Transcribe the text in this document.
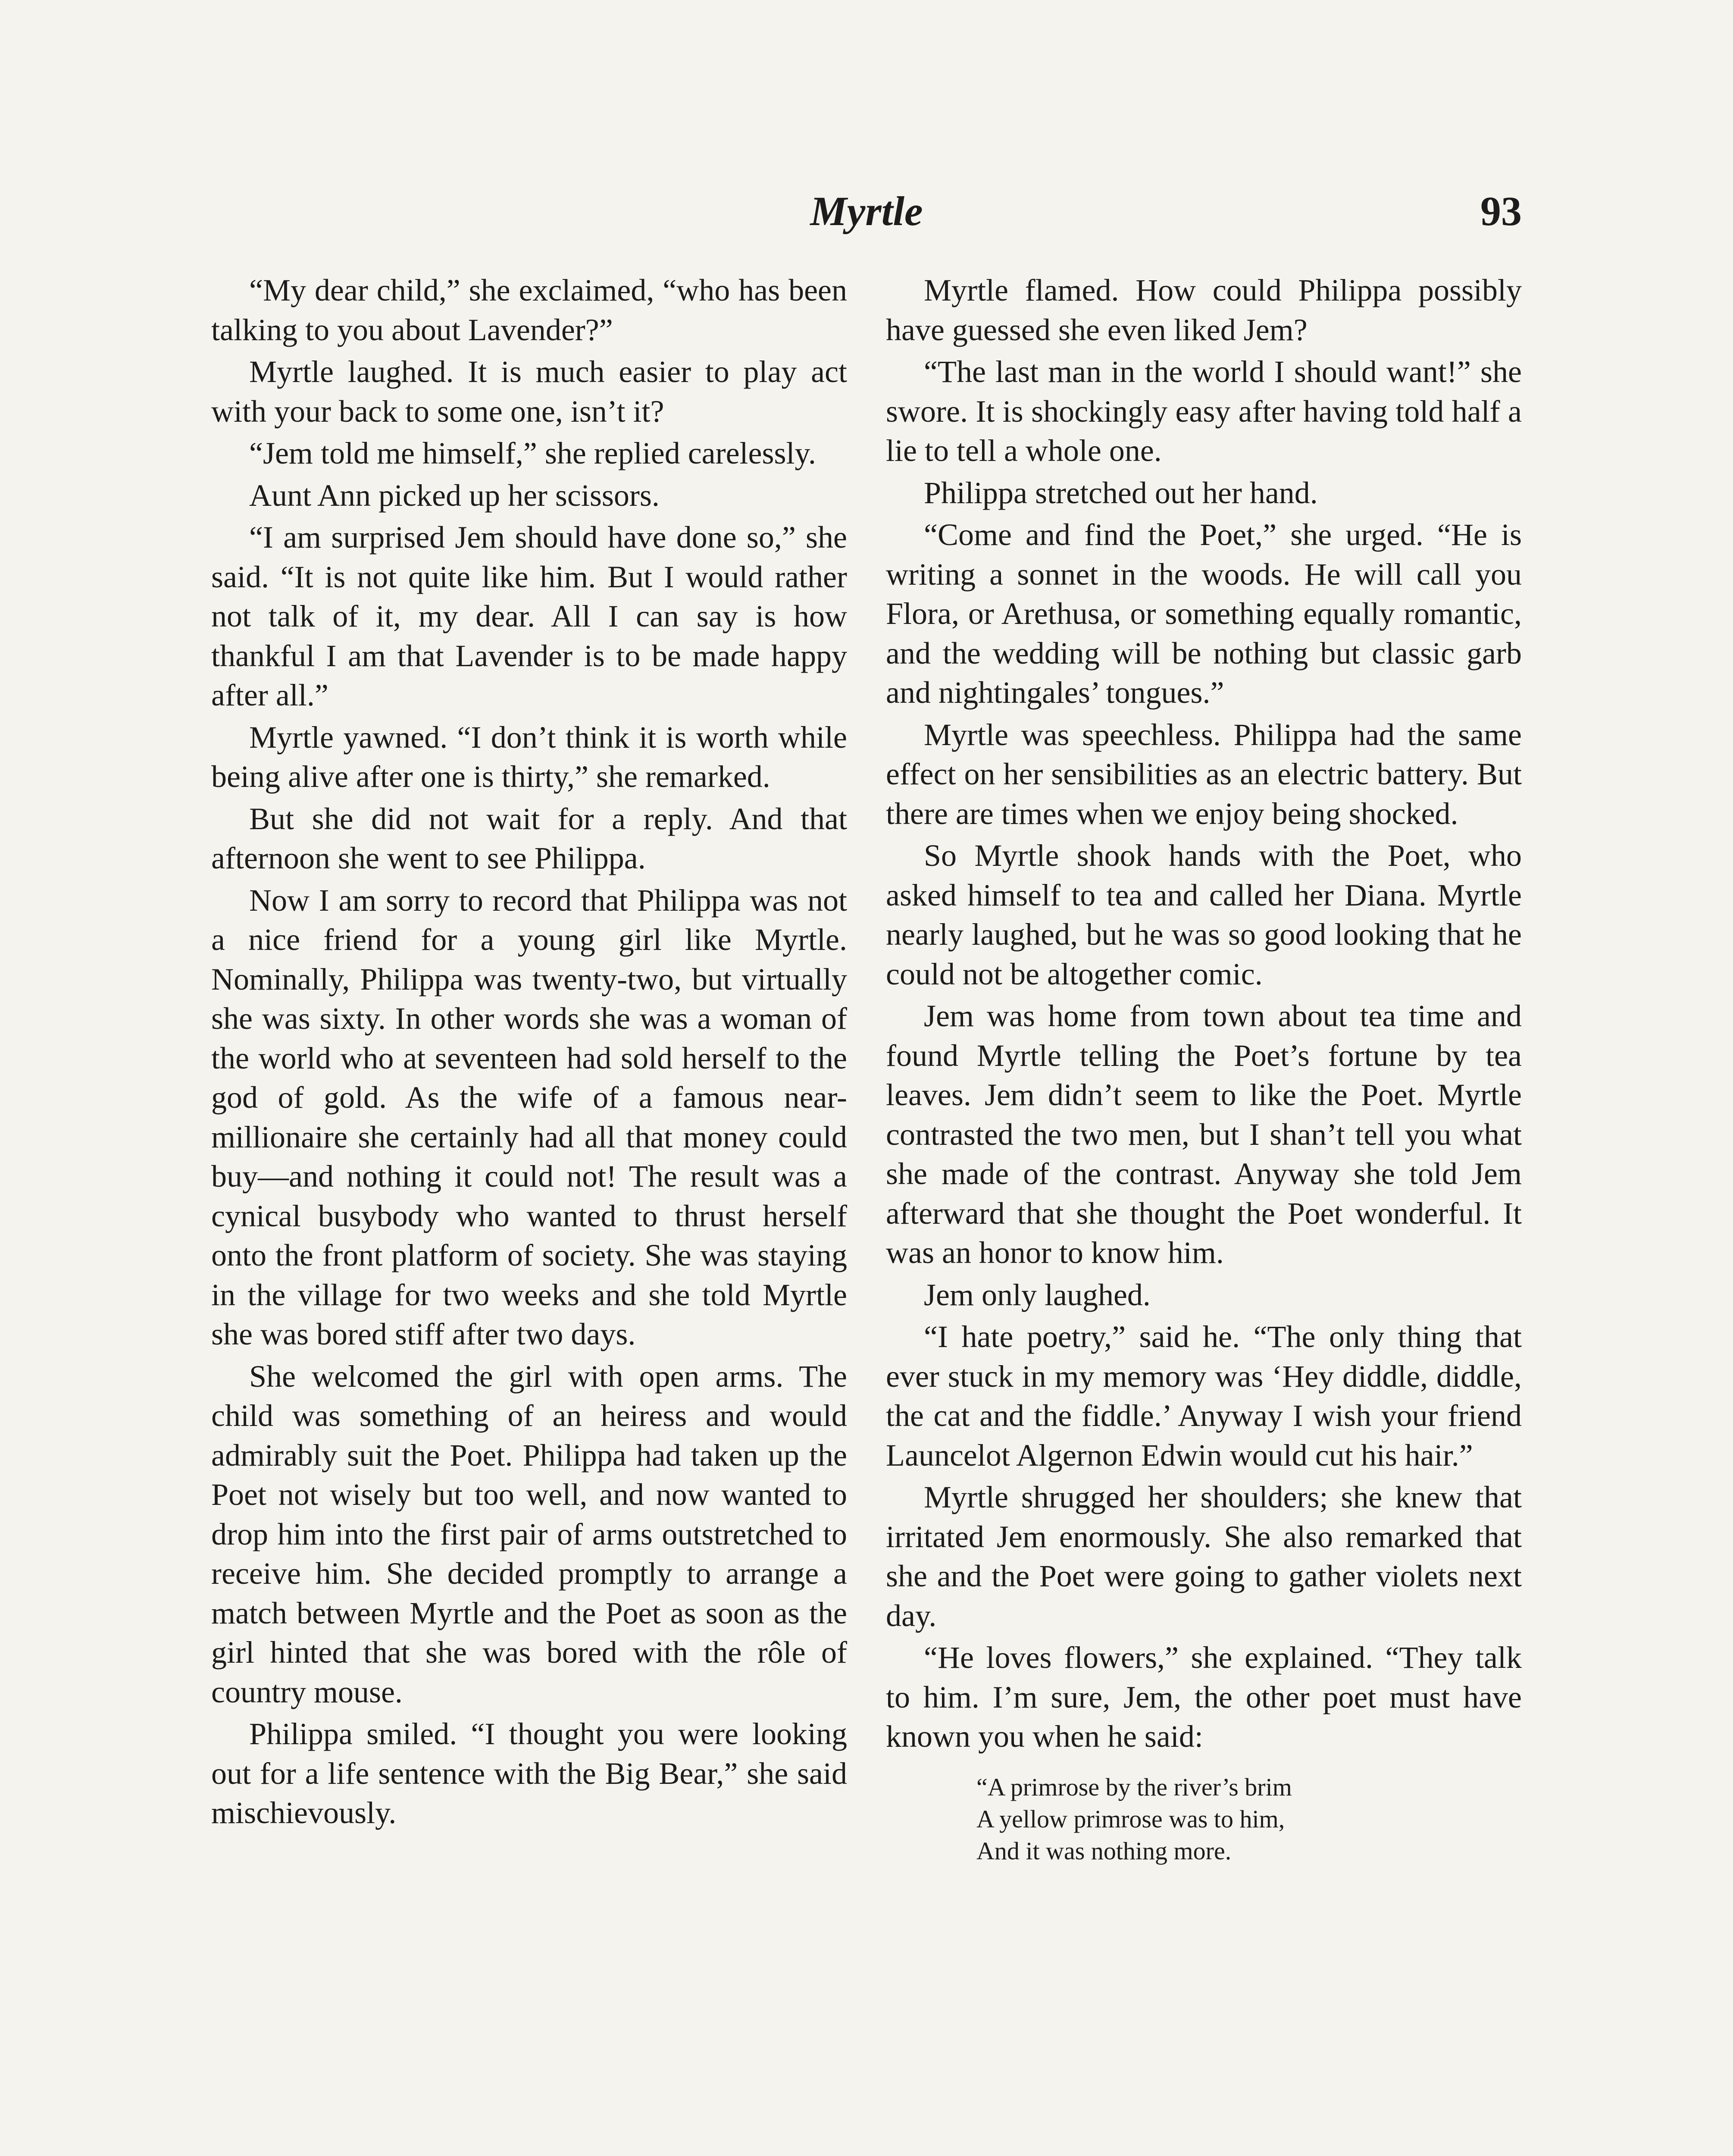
Myrtle	93

“My dear child,” she exclaimed, “who has been talking to you about Lavender?”

Myrtle laughed. It is much easier to play act with your back to some one, isn’t it?

“Jem told me himself,” she replied carelessly.

Aunt Ann picked up her scissors.

“I am surprised Jem should have done so,” she said. “It is not quite like him. But I would rather not talk of it, my dear. All I can say is how thankful I am that Lavender is to be made happy after all.”

Myrtle yawned. “I don’t think it is worth while being alive after one is thirty,” she remarked.

But she did not wait for a reply. And that afternoon she went to see Philippa.

Now I am sorry to record that Philippa was not a nice friend for a young girl like Myrtle. Nominally, Philippa was twenty-two, but virtually she was sixty. In other words she was a woman of the world who at seventeen had sold herself to the god of gold. As the wife of a famous near-millionaire she certainly had all that money could buy—and nothing it could not! The result was a cynical busybody who wanted to thrust herself onto the front platform of society. She was staying in the village for two weeks and she told Myrtle she was bored stiff after two days.

She welcomed the girl with open arms. The child was something of an heiress and would admirably suit the Poet. Philippa had taken up the Poet not wisely but too well, and now wanted to drop him into the first pair of arms outstretched to receive him. She decided promptly to arrange a match between Myrtle and the Poet as soon as the girl hinted that she was bored with the rôle of country mouse.

Philippa smiled. “I thought you were looking out for a life sentence with the Big Bear,” she said mischievously.

Myrtle flamed. How could Philippa possibly have guessed she even liked Jem?

“The last man in the world I should want!” she swore. It is shockingly easy after having told half a lie to tell a whole one.

Philippa stretched out her hand.

“Come and find the Poet,” she urged. “He is writing a sonnet in the woods. He will call you Flora, or Arethusa, or something equally romantic, and the wedding will be nothing but classic garb and nightingales’ tongues.”

Myrtle was speechless. Philippa had the same effect on her sensibilities as an electric battery. But there are times when we enjoy being shocked.

So Myrtle shook hands with the Poet, who asked himself to tea and called her Diana. Myrtle nearly laughed, but he was so good looking that he could not be altogether comic.

Jem was home from town about tea time and found Myrtle telling the Poet’s fortune by tea leaves. Jem didn’t seem to like the Poet. Myrtle contrasted the two men, but I shan’t tell you what she made of the contrast. Anyway she told Jem afterward that she thought the Poet wonderful. It was an honor to know him.

Jem only laughed.

“I hate poetry,” said he. “The only thing that ever stuck in my memory was ‘Hey diddle, diddle, the cat and the fiddle.’ Anyway I wish your friend Launcelot Algernon Edwin would cut his hair.”

Myrtle shrugged her shoulders; she knew that irritated Jem enormously. She also remarked that she and the Poet were going to gather violets next day.

“He loves flowers,” she explained. “They talk to him. I’m sure, Jem, the other poet must have known you when he said:

“A primrose by the river’s brim
A yellow primrose was to him,
And it was nothing more.
